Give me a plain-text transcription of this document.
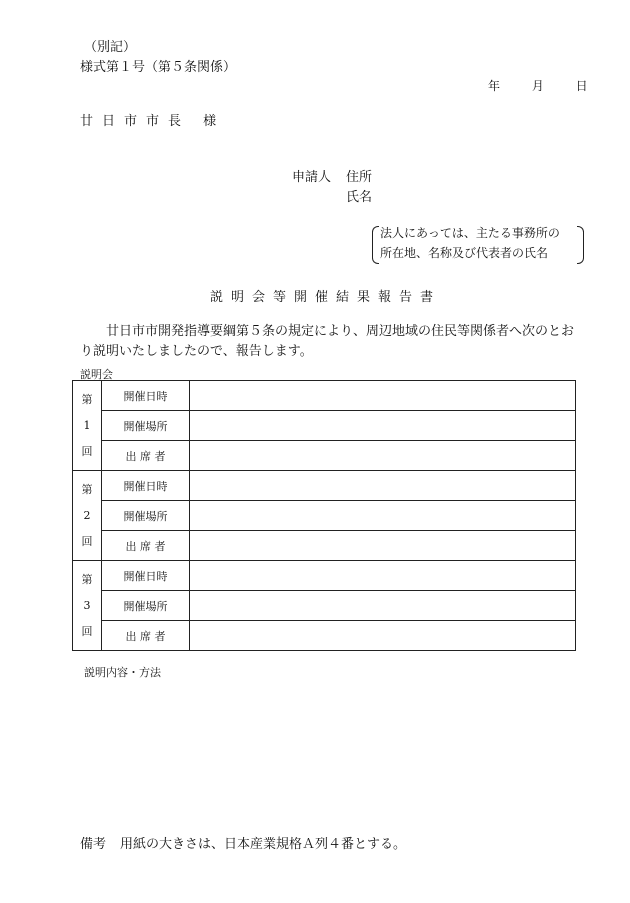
（別記）
様式第１号（第５条関係）
年 月 日
廿日市市長 様
申請人 住所
氏名
法人にあっては、主たる事務所の
所在地、名称及び代表者の氏名
説明会等開催結果報告書
廿日市市開発指導要綱第５条の規定により、周辺地域の住民等関係者へ次のとお
り説明いたしましたので、報告します。
説明会
第
1
回	開催日時	
	開催場所	
	出 席 者	

第
2
回	開催日時	
	開催場所	
	出 席 者	

第
3
回	開催日時	
	開催場所	
	出 席 者	
説明内容・方法
備考 用紙の大きさは、日本産業規格Ａ列４番とする。
